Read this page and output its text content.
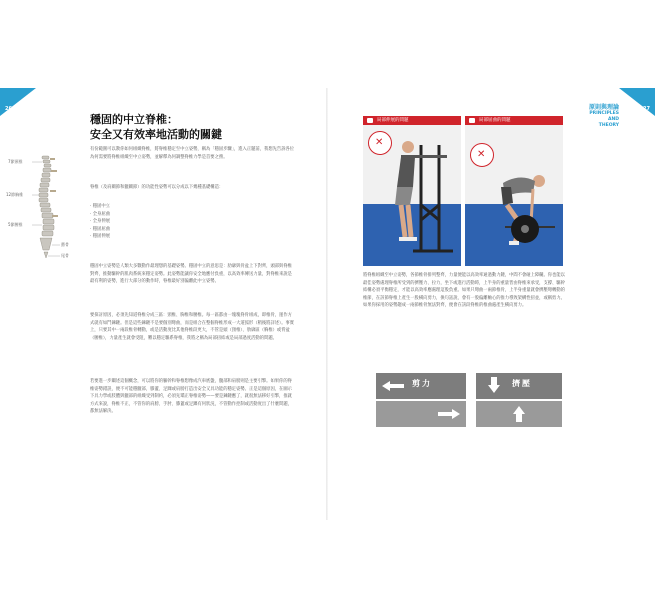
26	27
原則與理論
PRINCIPLES
AND
THEORY
穩固的中立脊椎：
安全又有效率地活動的關鍵
有份範圍可以教你如何組織脊椎，將脊椎穩定至中立姿勢，稱為「穩固步驟」，進入正題前，我想先告訴各位為何需要將脊椎組織至中立姿勢，並解釋為何調整脊椎力學是首要之務。
脊椎（及肩關節和髖關節）的功能性姿勢可以分成以下幾種基礎構造：
· 穩固中立
· 全身屈曲
· 全身伸展
· 穩固屈曲
· 穩固伸展
穩固中立姿勢是人類大多數動作最理想的基礎姿勢。穩固中立的意思是：肋廓與骨盆上下對齊，頭部與脊椎對齊，推動驅幹的肌肉系統來穩定姿勢。此姿勢能讓你安全地應付負重，以高效率傳送力量，對脊椎來說是最有利的姿勢，進行大部分的動作時，脊椎最好別偏離此中立姿勢。
要探討原因，必須先知道脊椎分成三區：頸椎、胸椎和腰椎。每一區都由一塊塊脊骨組成，即椎骨，運作方式就有如鬥鍊鏈。但是這些鍊鏈不是要個別彎曲，而是組合在整個脊椎形成一大道弧形（稍後將詳述）。事實上，只要其中一兩段椎骨轉動，或是活動度比其他脊椎段更大，不管是頭（頸椎）、肋廓區（胸椎）或背盆（腰椎），力量產生就會受阻，難以穩定驅系脊椎，我將之稱為局部扭結或是局部過度活動的問題。
若要進一步闡述這個概念，可以將你的軀幹和脊椎想像成汽車底盤，髖部和肩膀則是主要引擎。如果你的脊椎姿勢錯誤，便不可能穩髖部，膝蓋、足踝或肩膀打造出安全又具功能的穩定姿勢。正是這個原因，在圖示下具力學或肢體與髖部的組織受到制約，必須先矯正脊椎姿勢——要是鍊鏈應了，就很無法移好引擎，推就方式來說，脊椎不正，不管你的肩膀、手肘、膝蓋或足踝有何狀況，不管動作控制或活動度出了什麼問題，都無法解決。
7節頸椎
12節胸椎
5節腰椎
薦骨
尾骨
局部伸展的問題
✕
局部屈曲的問題
✕
將脊椎組織至中立姿勢，各節椎骨排列整齊，力量便能以高效率通過動力鏈，中間不會碰上障礙。你也能以最佳姿勢處理脊椎所受到的擠壓力、拉力，坐下或進行活動時，上半身的重量皆由脊椎來承受，支撐、驅幹結構必須平衡穩定，才能以高效率應處理這股負重。如果只彎曲一兩節椎骨，上半身重量就會擠壓彎轉動的椎節，在該節脊椎上產生一股橫向剪力，換句話說，會有一股偏離軸心的推力導致架構性扭並，或稱剪力。如果你採用的姿勢趨成一兩節椎骨無法對齊，便會在該段脊椎的椎曲處產生橫向剪力。
剪力	擠壓
